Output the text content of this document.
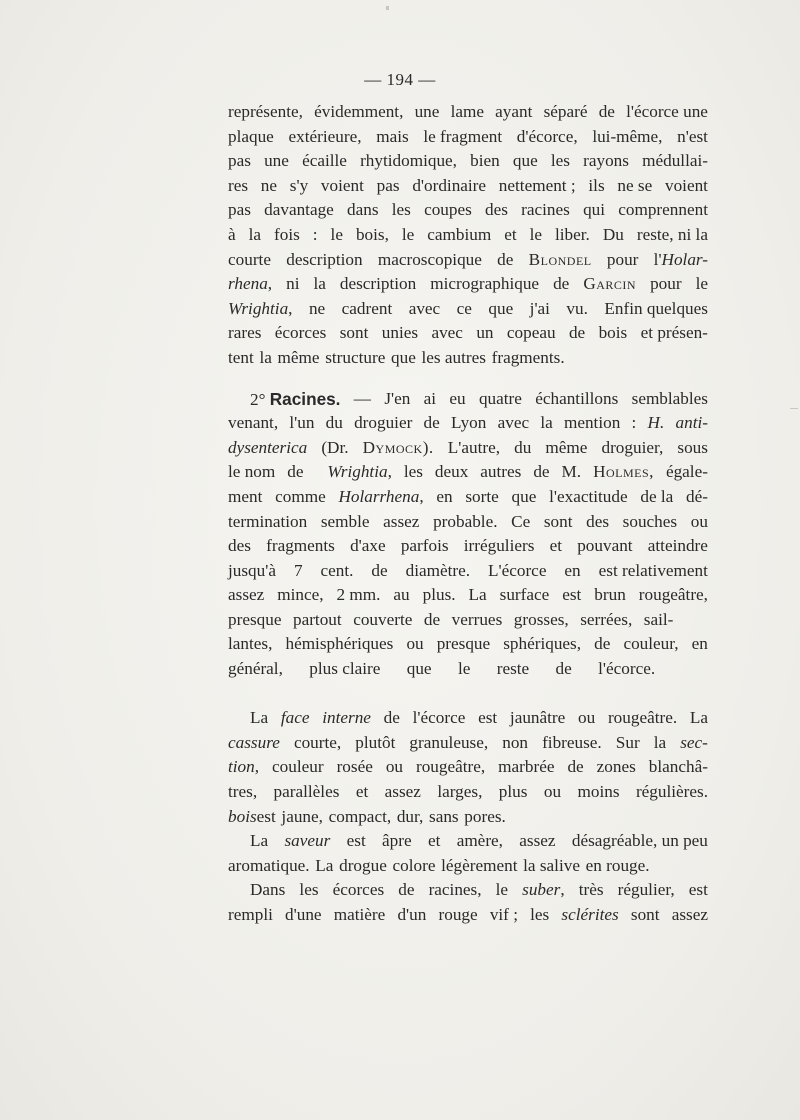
— 194 —
représente, évidemment, une lame ayant séparé de l'écorce une
plaque extérieure, mais le fragment d'écorce, lui-même, n'est
pas une écaille rhytidomique, bien que les rayons médullai-
res ne s'y voient pas d'ordinaire nettement ; ils ne se voient
pas davantage dans les coupes des racines qui comprennent
à la fois : le bois, le cambium et le liber. Du reste, ni la
courte description macroscopique de Blondel pour l'Holar-
rhena, ni la description micrographique de Garcin pour le
Wrightia, ne cadrent avec ce que j'ai vu. Enfin quelques
rares écorces sont unies avec un copeau de bois et présen-
tent la même structure que les autres fragments.
2° Racines. — J'en ai eu quatre échantillons semblables
venant, l'un du droguier de Lyon avec la mention : H. anti-
dysenterica (Dr. Dymock). L'autre, du même droguier, sous
le nom de Wrightia, les deux autres de M. Holmes, égale-
ment comme Holarrhena, en sorte que l'exactitude de la dé-
termination semble assez probable. Ce sont des souches ou
des fragments d'axe parfois irréguliers et pouvant atteindre
jusqu'à 7 cent. de diamètre. L'écorce en est relativement
assez mince, 2 mm. au plus. La surface est brun rougeâtre,
presque partout couverte de verrues grosses, serrées, sail-
lantes, hémisphériques ou presque sphériques, de couleur, en
général, plus claire que le reste de l'écorce.
La face interne de l'écorce est jaunâtre ou rougeâtre. La
cassure courte, plutôt granuleuse, non fibreuse. Sur la sec-
tion, couleur rosée ou rougeâtre, marbrée de zones blanchâ-
tres, parallèles et assez larges, plus ou moins régulières.
bois est jaune, compact, dur, sans pores.
La saveur est âpre et amère, assez désagréable, un peu
aromatique. La drogue colore légèrement la salive en rouge.
Dans les écorces de racines, le suber, très régulier, est
rempli d'une matière d'un rouge vif ; les sclérites sont assez
